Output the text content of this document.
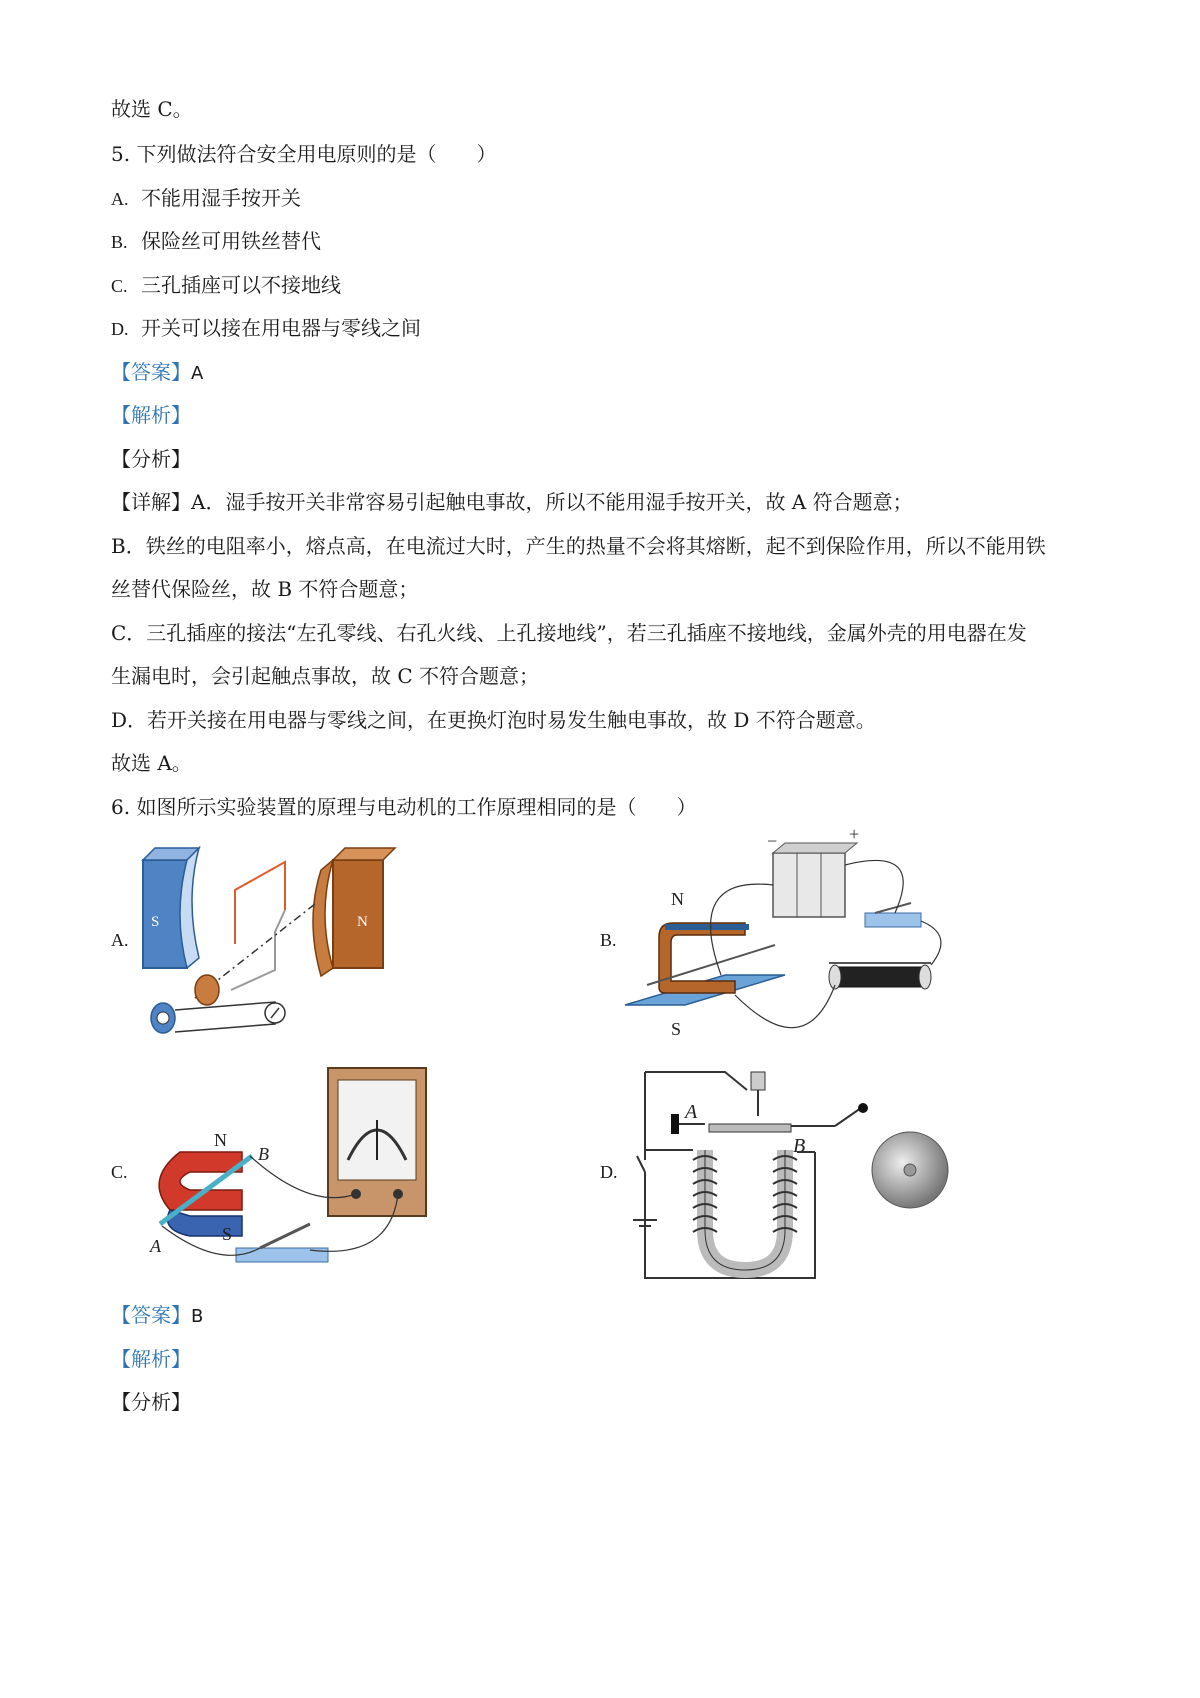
故选 C。
5. 下列做法符合安全用电原则的是（　　）
A. 不能用湿手按开关
B. 保险丝可用铁丝替代
C. 三孔插座可以不接地线
D. 开关可以接在用电器与零线之间
【答案】A
【解析】
【分析】
【详解】A．湿手按开关非常容易引起触电事故，所以不能用湿手按开关，故 A 符合题意；
B．铁丝的电阻率小，熔点高，在电流过大时，产生的热量不会将其熔断，起不到保险作用，所以不能用铁
丝替代保险丝，故 B 不符合题意；
C．三孔插座的接法“左孔零线、右孔火线、上孔接地线”，若三孔插座不接地线，金属外壳的用电器在发
生漏电时，会引起触点事故，故 C 不符合题意；
D．若开关接在用电器与零线之间，在更换灯泡时易发生触电事故，故 D 不符合题意。
故选 A。
6. 如图所示实验装置的原理与电动机的工作原理相同的是（　　）
A.	B.
C.	D.
S	N
−	+
N
S
N
S
A
B
A
B
【答案】B
【解析】
【分析】
